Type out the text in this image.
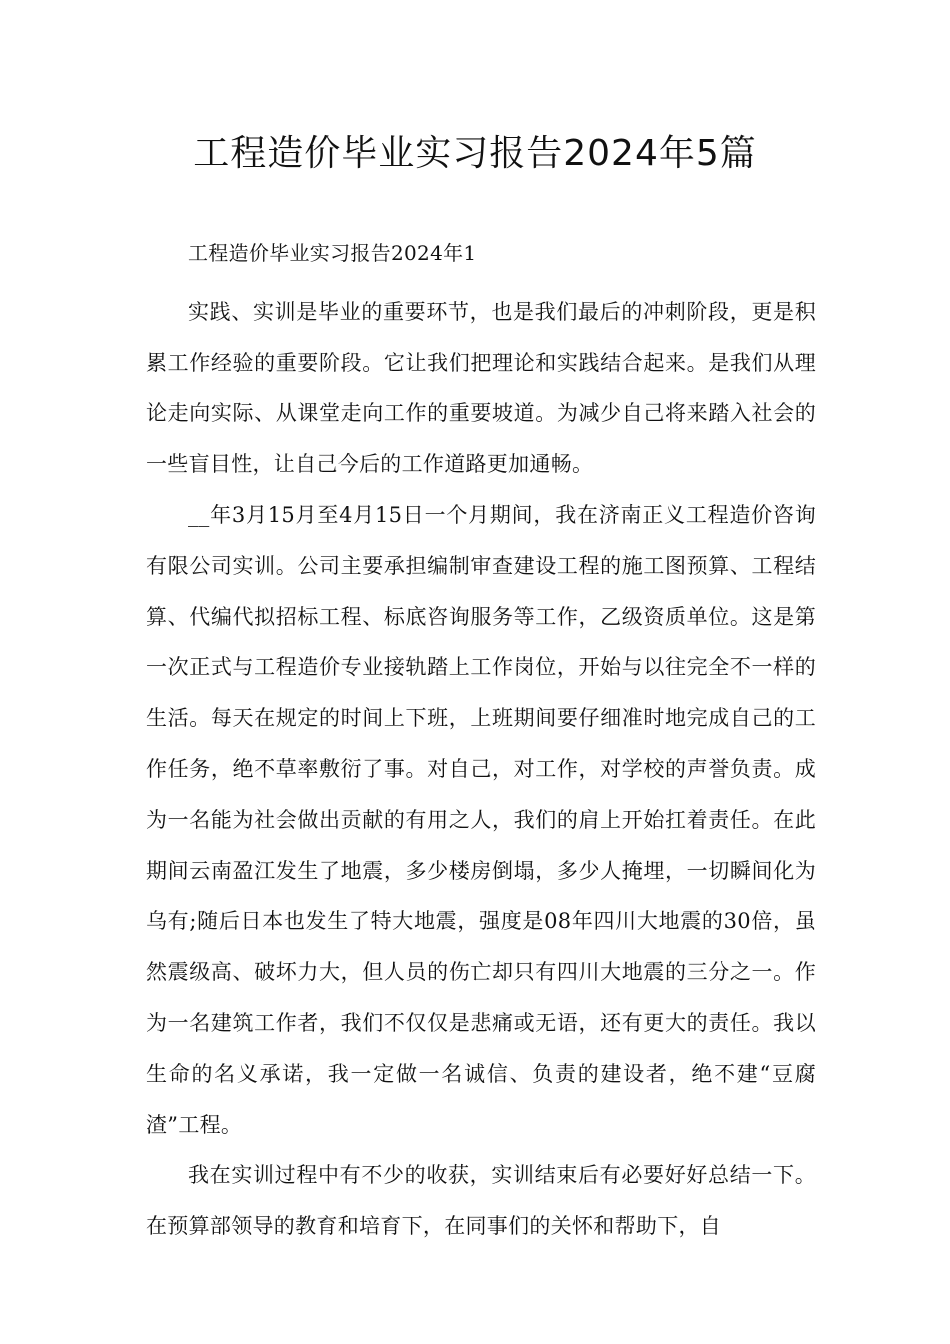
工程造价毕业实习报告2024年5篇

工程造价毕业实习报告2024年1

实践、实训是毕业的重要环节，也是我们最后的冲刺阶段，更是积累工作经验的重要阶段。它让我们把理论和实践结合起来。是我们从理论走向实际、从课堂走向工作的重要坡道。为减少自己将来踏入社会的一些盲目性，让自己今后的工作道路更加通畅。

__年3月15月至4月15日一个月期间，我在济南正义工程造价咨询有限公司实训。公司主要承担编制审查建设工程的施工图预算、工程结算、代编代拟招标工程、标底咨询服务等工作，乙级资质单位。这是第一次正式与工程造价专业接轨踏上工作岗位，开始与以往完全不一样的生活。每天在规定的时间上下班，上班期间要仔细准时地完成自己的工作任务，绝不草率敷衍了事。对自己，对工作，对学校的声誉负责。成为一名能为社会做出贡献的有用之人，我们的肩上开始扛着责任。在此期间云南盈江发生了地震，多少楼房倒塌，多少人掩埋，一切瞬间化为乌有;随后日本也发生了特大地震，强度是08年四川大地震的30倍，虽然震级高、破坏力大，但人员的伤亡却只有四川大地震的三分之一。作为一名建筑工作者，我们不仅仅是悲痛或无语，还有更大的责任。我以生命的名义承诺，我一定做一名诚信、负责的建设者，绝不建“豆腐渣”工程。

我在实训过程中有不少的收获，实训结束后有必要好好总结一下。在预算部领导的教育和培育下，在同事们的关怀和帮助下，自
